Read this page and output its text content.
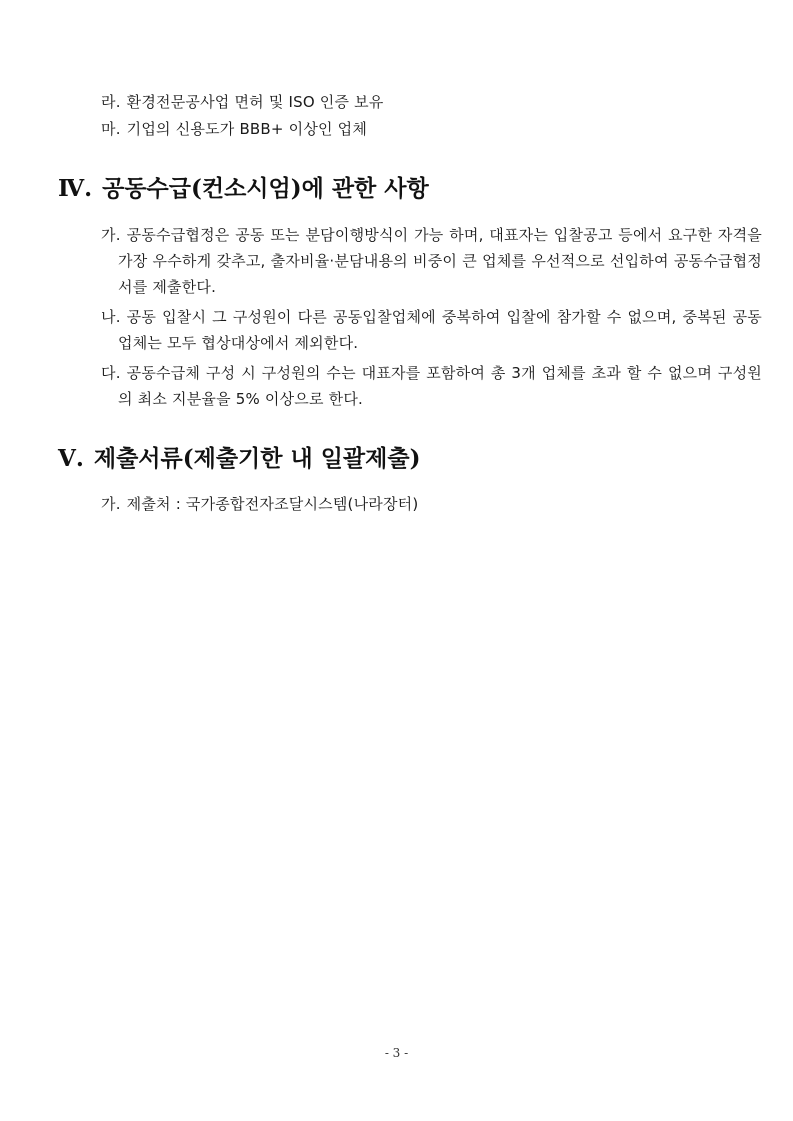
라. 환경전문공사업 면허 및 ISO 인증 보유
마. 기업의 신용도가 BBB+ 이상인 업체
Ⅳ. 공동수급(컨소시엄)에 관한 사항
가. 공동수급협정은 공동 또는 분담이행방식이 가능 하며, 대표자는 입찰공고 등에서 요구한 자격을 가장 우수하게 갖추고, 출자비율·분담내용의 비중이 큰 업체를 우선적으로 선입하여 공동수급협정서를 제출한다.
나. 공동 입찰시 그 구성원이 다른 공동입찰업체에 중복하여 입찰에 참가할 수 없으며, 중복된 공동업체는 모두 협상대상에서 제외한다.
다. 공동수급체 구성 시 구성원의 수는 대표자를 포함하여 총 3개 업체를 초과 할 수 없으며 구성원의 최소 지분율을 5% 이상으로 한다.
Ⅴ. 제출서류(제출기한 내 일괄제출)
가. 제출처 : 국가종합전자조달시스템(나라장터)
- 3 -
